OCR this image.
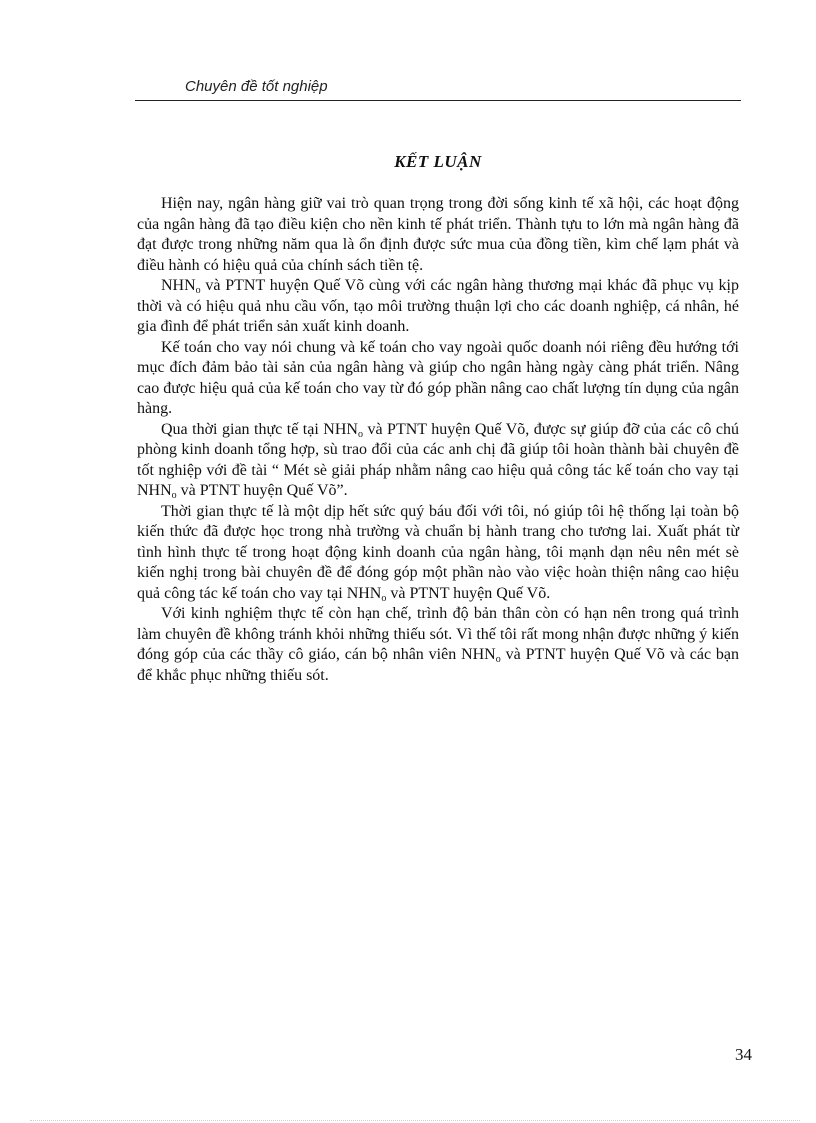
Chuyên đề tốt nghiệp
KẾT LUẬN

Hiện nay, ngân hàng giữ vai trò quan trọng trong đời sống kinh tế xã hội, các hoạt động của ngân hàng đã tạo điều kiện cho nền kinh tế phát triển. Thành tựu to lớn mà ngân hàng đã đạt được trong những năm qua là ổn định được sức mua của đồng tiền, kìm chế lạm phát và điều hành có hiệu quả của chính sách tiền tệ.

$NHN_o$ và PTNT huyện Quế Võ cùng với các ngân hàng thương mại khác đã phục vụ kịp thời và có hiệu quả nhu cầu vốn, tạo môi trường thuận lợi cho các doanh nghiệp, cá nhân, hé gia đình để phát triển sản xuất kinh doanh.

Kế toán cho vay nói chung và kế toán cho vay ngoài quốc doanh nói riêng đều hướng tới mục đích đảm bảo tài sản của ngân hàng và giúp cho ngân hàng ngày càng phát triển. Nâng cao được hiệu quả của kế toán cho vay từ đó góp phần nâng cao chất lượng tín dụng của ngân hàng.

Qua thời gian thực tế tại $NHN_o$ và PTNT huyện Quế Võ, được sự giúp đỡ của các cô chú phòng kinh doanh tổng hợp, sù trao đổi của các anh chị đã giúp tôi hoàn thành bài chuyên đề tốt nghiệp với đề tài “ Mét sè giải pháp nhằm nâng cao hiệu quả công tác kế toán cho vay tại $NHN_o$ và PTNT huyện Quế Võ”.

Thời gian thực tế là một dịp hết sức quý báu đối với tôi, nó giúp tôi hệ thống lại toàn bộ kiến thức đã được học trong nhà trường và chuẩn bị hành trang cho tương lai. Xuất phát từ tình hình thực tế trong hoạt động kinh doanh của ngân hàng, tôi mạnh dạn nêu nên mét sè kiến nghị trong bài chuyên đề để đóng góp một phần nào vào việc hoàn thiện nâng cao hiệu quả công tác kế toán cho vay tại $NHN_o$ và PTNT huyện Quế Võ.

Với kinh nghiệm thực tế còn hạn chế, trình độ bản thân còn có hạn nên trong quá trình làm chuyên đề không tránh khỏi những thiếu sót. Vì thế tôi rất mong nhận được những ý kiến đóng góp của các thầy cô giáo, cán bộ nhân viên $NHN_o$ và PTNT huyện Quế Võ và các bạn để khắc phục những thiếu sót.

34
